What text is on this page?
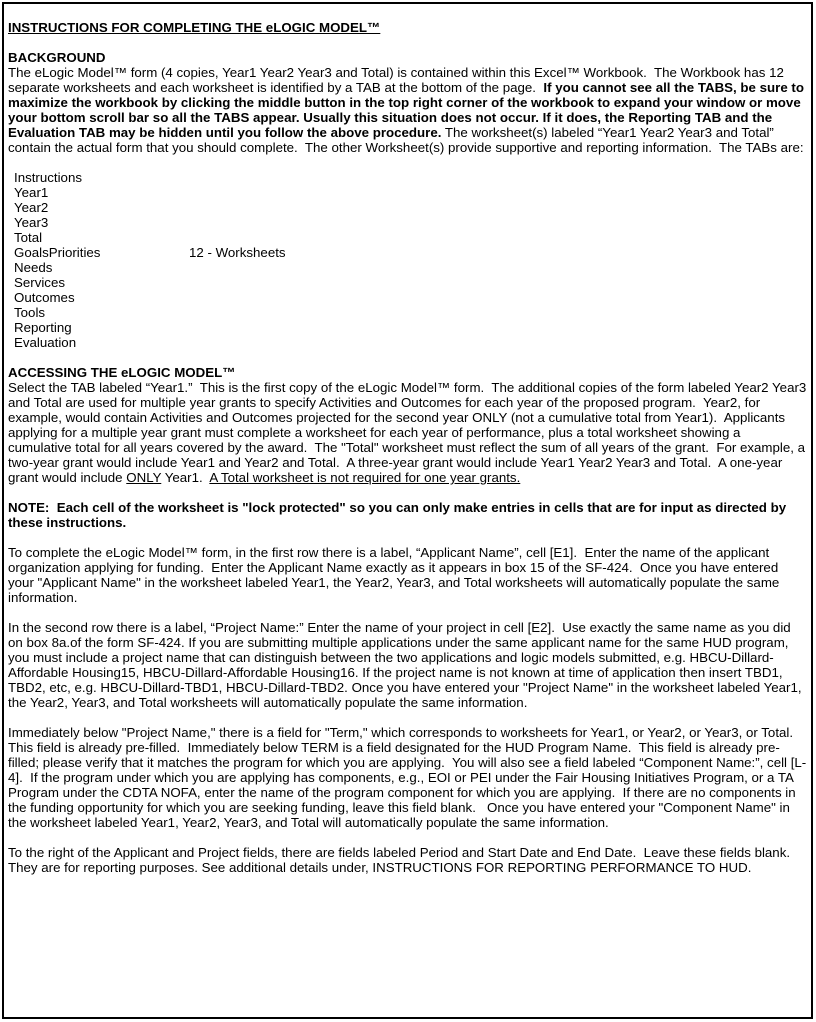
INSTRUCTIONS FOR COMPLETING THE eLOGIC MODEL™
BACKGROUND

The eLogic Model™ form (4 copies, Year1 Year2 Year3 and Total) is contained within this Excel™ Workbook.  The Workbook has 12 separate worksheets and each worksheet is identified by a TAB at the bottom of the page.  If you cannot see all the TABS, be sure to maximize the workbook by clicking the middle button in the top right corner of the workbook to expand your window or move your bottom scroll bar so all the TABS appear. Usually this situation does not occur. If it does, the Reporting TAB and the Evaluation TAB may be hidden until you follow the above procedure. The worksheet(s) labeled “Year1 Year2 Year3 and Total” contain the actual form that you should complete.  The other Worksheet(s) provide supportive and reporting information.  The TABs are:

Instructions
Year1
Year2
Year3
Total
GoalsPriorities	12 - Worksheets
Needs
Services
Outcomes
Tools
Reporting
Evaluation
ACCESSING THE eLOGIC MODEL™

Select the TAB labeled “Year1.”  This is the first copy of the eLogic Model™ form.  The additional copies of the form labeled Year2 Year3 and Total are used for multiple year grants to specify Activities and Outcomes for each year of the proposed program.  Year2, for example, would contain Activities and Outcomes projected for the second year ONLY (not a cumulative total from Year1).  Applicants applying for a multiple year grant must complete a worksheet for each year of performance, plus a total worksheet showing a cumulative total for all years covered by the award.  The "Total" worksheet must reflect the sum of all years of the grant.  For example, a two-year grant would include Year1 and Year2 and Total.  A three-year grant would include Year1 Year2 Year3 and Total.  A one-year grant would include ONLY Year1.  A Total worksheet is not required for one year grants.

NOTE:  Each cell of the worksheet is "lock protected" so you can only make entries in cells that are for input as directed by these instructions.

To complete the eLogic Model™ form, in the first row there is a label, “Applicant Name”, cell [E1].  Enter the name of the applicant organization applying for funding.  Enter the Applicant Name exactly as it appears in box 15 of the SF-424.  Once you have entered your "Applicant Name" in the worksheet labeled Year1, the Year2, Year3, and Total worksheets will automatically populate the same information.

In the second row there is a label, “Project Name:” Enter the name of your project in cell [E2].  Use exactly the same name as you did on box 8a.of the form SF-424. If you are submitting multiple applications under the same applicant name for the same HUD program, you must include a project name that can distinguish between the two applications and logic models submitted, e.g. HBCU-Dillard-Affordable Housing15, HBCU-Dillard-Affordable Housing16. If the project name is not known at time of application then insert TBD1, TBD2, etc, e.g. HBCU-Dillard-TBD1, HBCU-Dillard-TBD2. Once you have entered your "Project Name" in the worksheet labeled Year1, the Year2, Year3, and Total worksheets will automatically populate the same information.

Immediately below "Project Name," there is a field for "Term," which corresponds to worksheets for Year1, or Year2, or Year3, or Total.  This field is already pre-filled.  Immediately below TERM is a field designated for the HUD Program Name.  This field is already pre-filled; please verify that it matches the program for which you are applying.  You will also see a field labeled “Component Name:”, cell [L-4].  If the program under which you are applying has components, e.g., EOI or PEI under the Fair Housing Initiatives Program, or a TA Program under the CDTA NOFA, enter the name of the program component for which you are applying.  If there are no components in the funding opportunity for which you are seeking funding, leave this field blank.   Once you have entered your "Component Name" in the worksheet labeled Year1, Year2, Year3, and Total will automatically populate the same information.

To the right of the Applicant and Project fields, there are fields labeled Period and Start Date and End Date.  Leave these fields blank. They are for reporting purposes. See additional details under, INSTRUCTIONS FOR REPORTING PERFORMANCE TO HUD.
